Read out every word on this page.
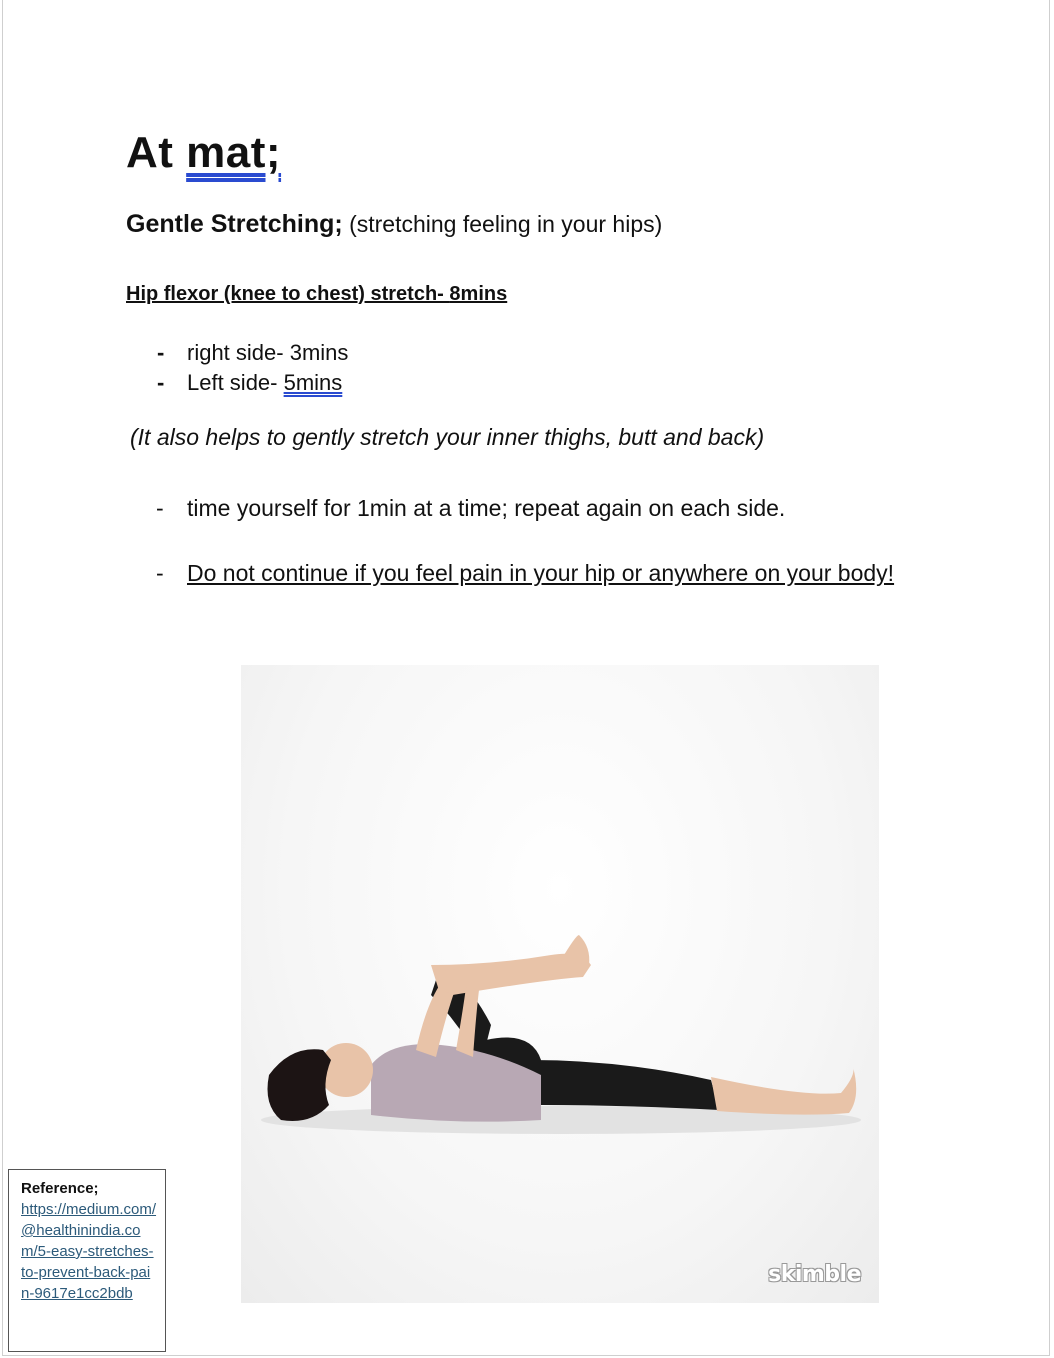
At mat;
Gentle Stretching; (stretching feeling in your hips)
Hip flexor (knee to chest) stretch- 8mins
- right side- 3mins
- Left side- 5mins
(It also helps to gently stretch your inner thighs, butt and back)
- time yourself for 1min at a time; repeat again on each side.
- Do not continue if you feel pain in your hip or anywhere on your body!
skimble
Reference;
https://medium.com/@healthinindia.com/5-easy-stretches-to-prevent-back-pain-9617e1cc2bdb
